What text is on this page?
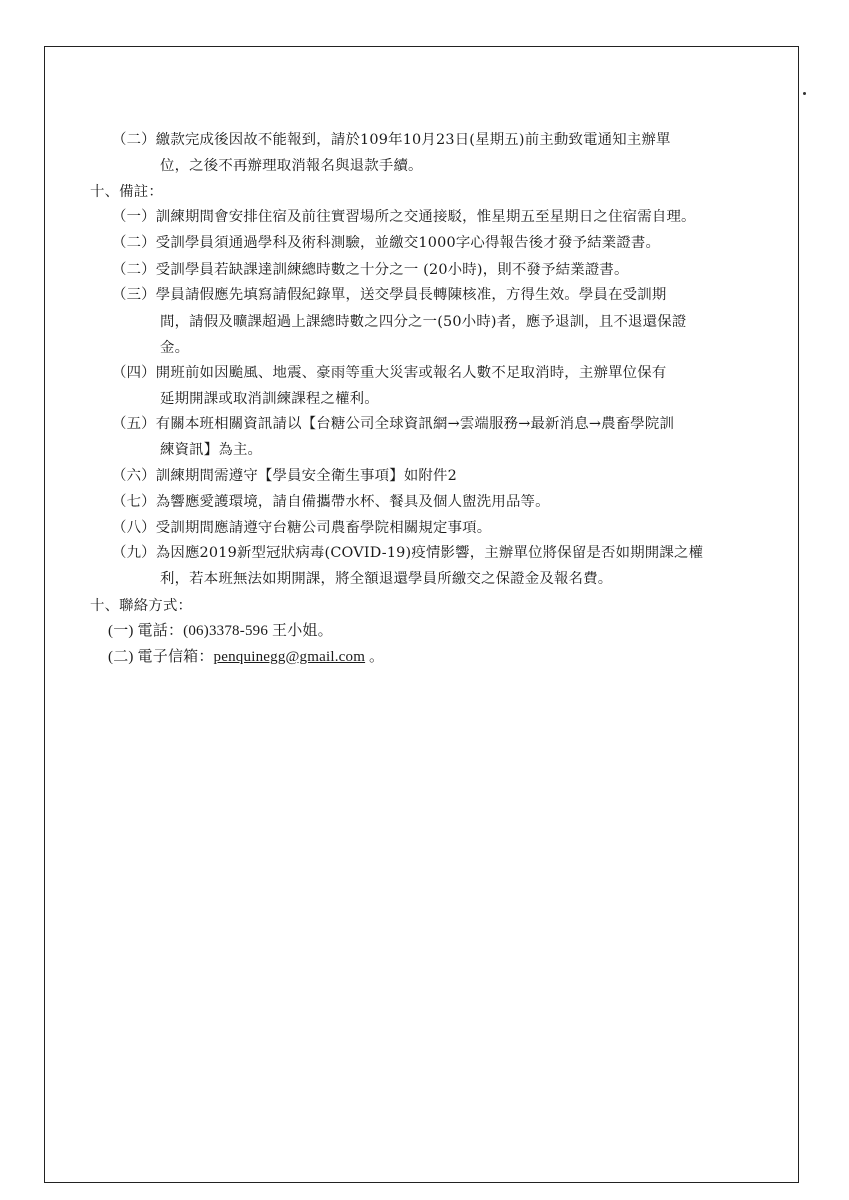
（二）繳款完成後因故不能報到，請於109年10月23日(星期五)前主動致電通知主辦單
位，之後不再辦理取消報名與退款手續。
十、備註：
（一）訓練期間會安排住宿及前往實習場所之交通接駁，惟星期五至星期日之住宿需自理。
（二）受訓學員須通過學科及術科測驗，並繳交1000字心得報告後才發予結業證書。
（二）受訓學員若缺課達訓練總時數之十分之一 (20小時)，則不發予結業證書。
（三）學員請假應先填寫請假紀錄單，送交學員長轉陳核准，方得生效。學員在受訓期
間，請假及曠課超過上課總時數之四分之一(50小時)者，應予退訓，且不退還保證
金。
（四）開班前如因颱風、地震、豪雨等重大災害或報名人數不足取消時，主辦單位保有
延期開課或取消訓練課程之權利。
（五）有關本班相關資訊請以【台糖公司全球資訊網→雲端服務→最新消息→農畜學院訓
練資訊】為主。
（六）訓練期間需遵守【學員安全衛生事項】如附件2
（七）為響應愛護環境，請自備攜帶水杯、餐具及個人盥洗用品等。
（八）受訓期間應請遵守台糖公司農畜學院相關規定事項。
（九）為因應2019新型冠狀病毒(COVID-19)疫情影響，主辦單位將保留是否如期開課之權
利，若本班無法如期開課，將全額退還學員所繳交之保證金及報名費。
十、聯絡方式：
(一) 電話：(06)3378-596 王小姐。
(二) 電子信箱：penquinegg@gmail.com 。
